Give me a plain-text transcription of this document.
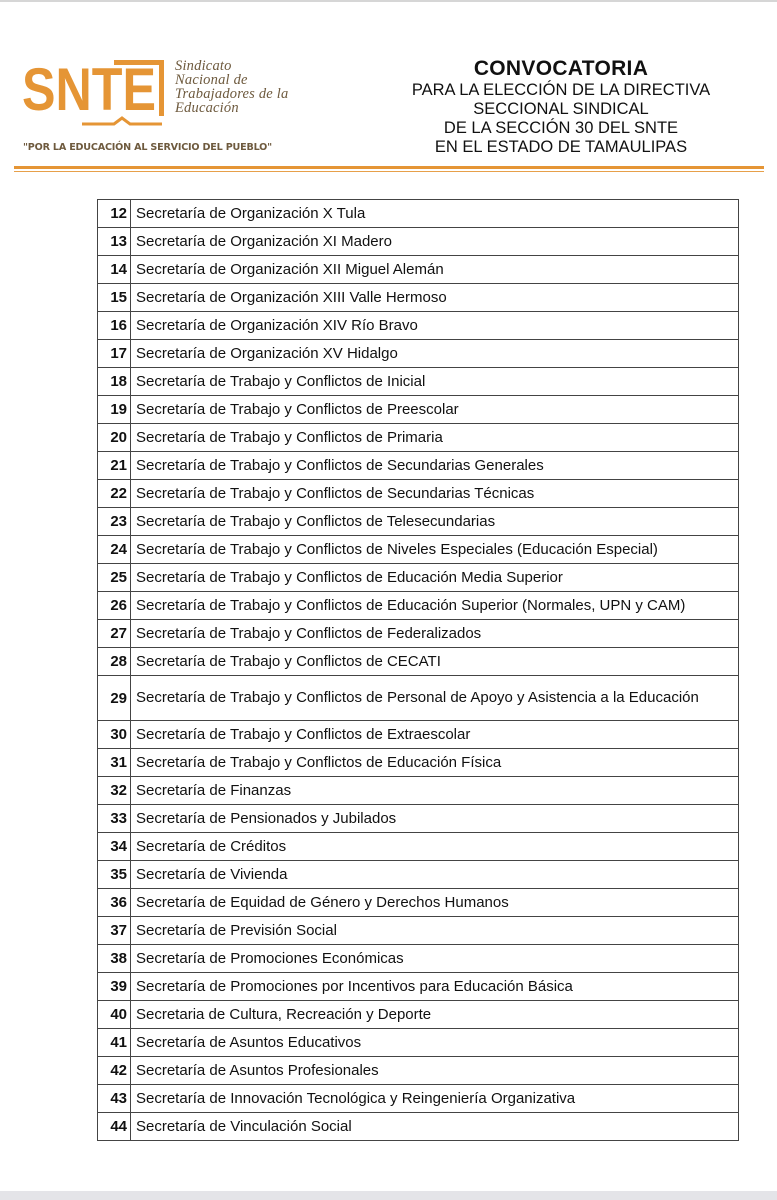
SNTE Sindicato
Nacional de
Trabajadores de la
Educación
"POR LA EDUCACIÓN AL SERVICIO DEL PUEBLO"
CONVOCATORIA
PARA LA ELECCIÓN DE LA DIRECTIVA
SECCIONAL SINDICAL
DE LA SECCIÓN 30 DEL SNTE
EN EL ESTADO DE TAMAULIPAS
12	Secretaría de Organización X Tula
13	Secretaría de Organización XI Madero
14	Secretaría de Organización XII Miguel Alemán
15	Secretaría de Organización XIII Valle Hermoso
16	Secretaría de Organización XIV Río Bravo
17	Secretaría de Organización XV Hidalgo
18	Secretaría de Trabajo y Conflictos de Inicial
19	Secretaría de Trabajo y Conflictos de Preescolar
20	Secretaría de Trabajo y Conflictos de Primaria
21	Secretaría de Trabajo y Conflictos de Secundarias Generales
22	Secretaría de Trabajo y Conflictos de Secundarias Técnicas
23	Secretaría de Trabajo y Conflictos de Telesecundarias
24	Secretaría de Trabajo y Conflictos de Niveles Especiales (Educación Especial)
25	Secretaría de Trabajo y Conflictos de Educación Media Superior
26	Secretaría de Trabajo y Conflictos de Educación Superior (Normales, UPN y CAM)
27	Secretaría de Trabajo y Conflictos de Federalizados
28	Secretaría de Trabajo y Conflictos de CECATI
29	Secretaría de Trabajo y Conflictos de Personal de Apoyo y Asistencia a la Educación
30	Secretaría de Trabajo y Conflictos de Extraescolar
31	Secretaría de Trabajo y Conflictos de Educación Física
32	Secretaría de Finanzas
33	Secretaría de Pensionados y Jubilados
34	Secretaría de Créditos
35	Secretaría de Vivienda
36	Secretaría de Equidad de Género y Derechos Humanos
37	Secretaría de Previsión Social
38	Secretaría de Promociones Económicas
39	Secretaría de Promociones por Incentivos para Educación Básica
40	Secretaria de Cultura, Recreación y Deporte
41	Secretaría de Asuntos Educativos
42	Secretaría de Asuntos Profesionales
43	Secretaría de Innovación Tecnológica y Reingeniería Organizativa
44	Secretaría de Vinculación Social
